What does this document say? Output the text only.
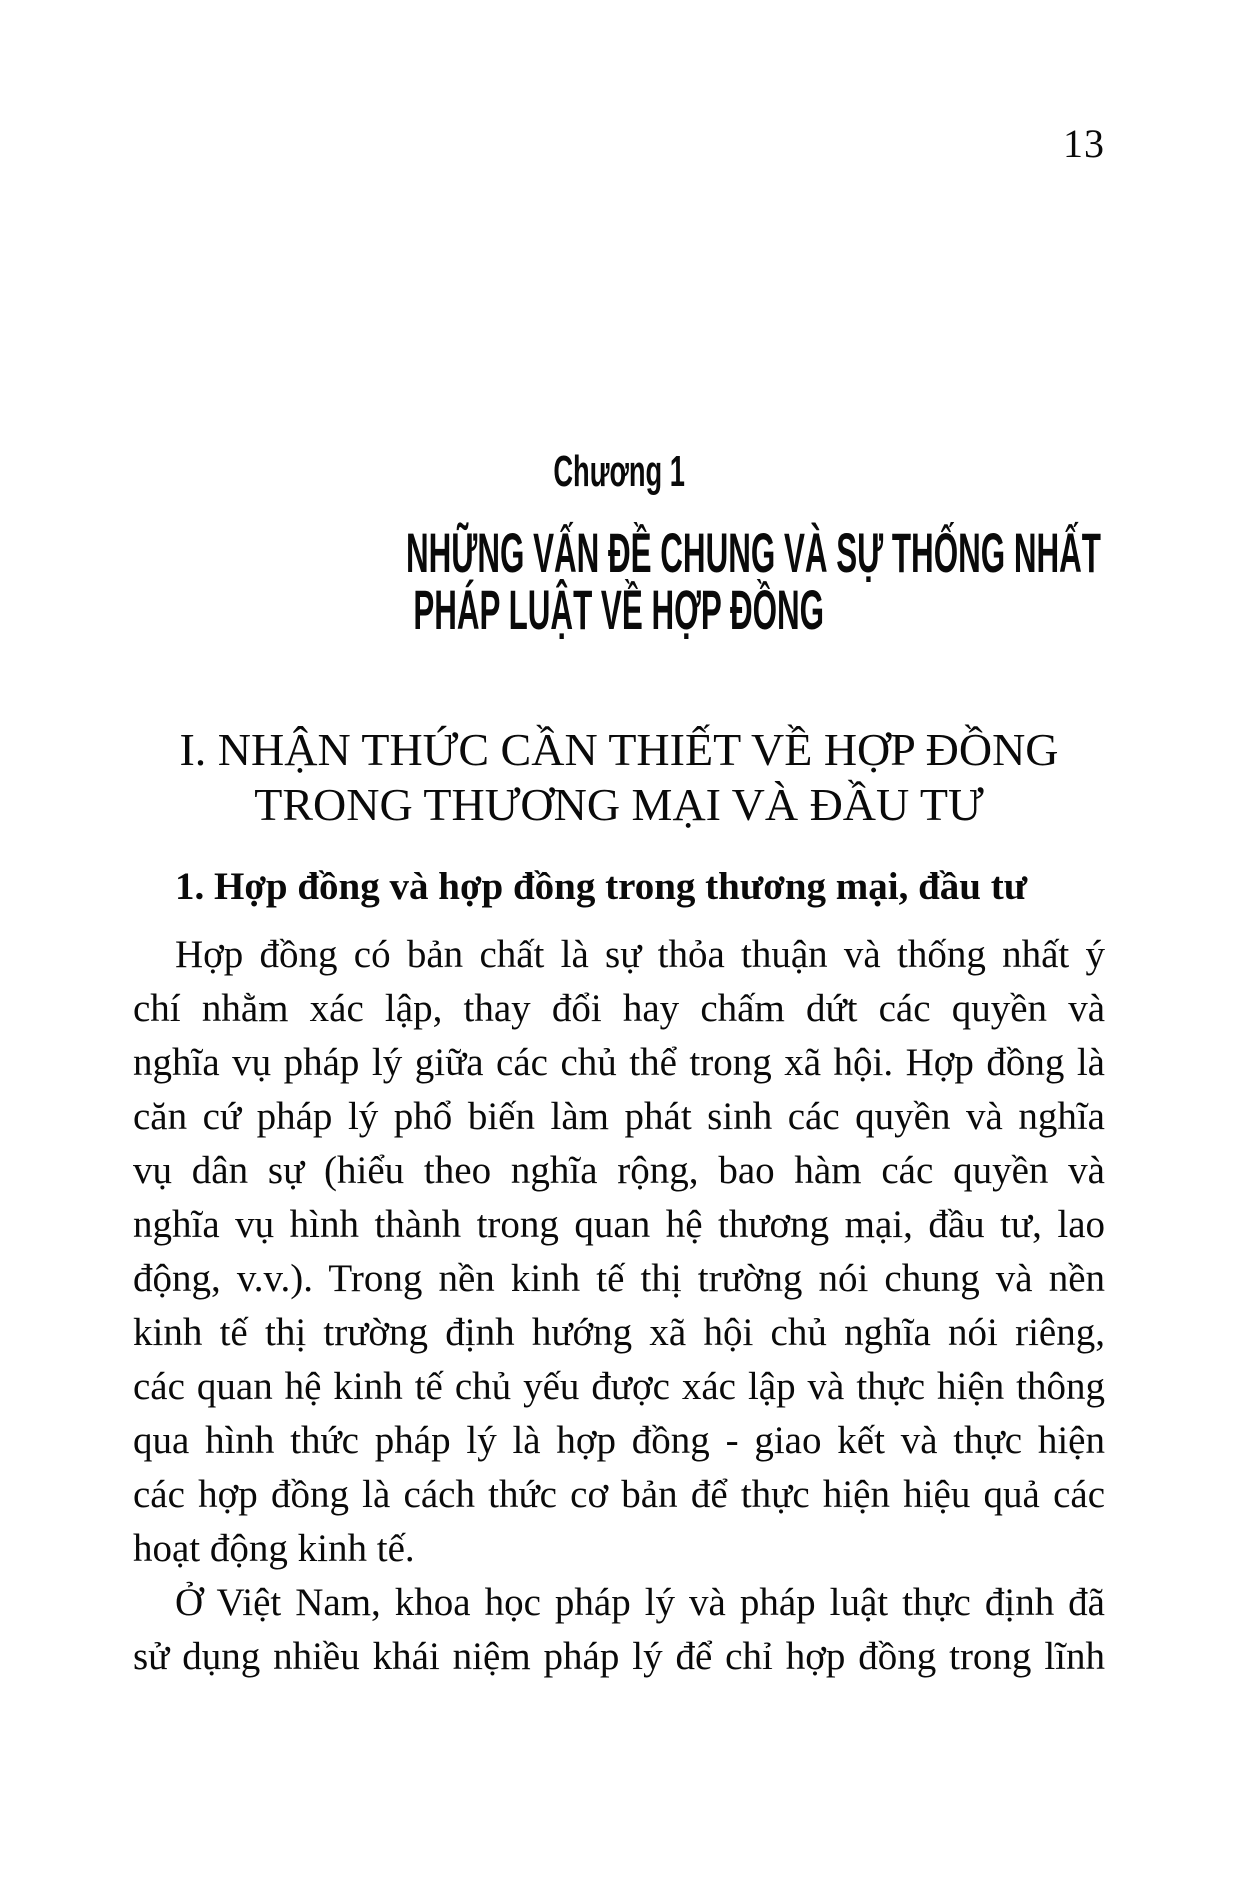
13
Chương 1
NHỮNG VẤN ĐỀ CHUNG VÀ SỰ THỐNG NHẤT
PHÁP LUẬT VỀ HỢP ĐỒNG
I. NHẬN THỨC CẦN THIẾT VỀ HỢP ĐỒNG
TRONG THƯƠNG MẠI VÀ ĐẦU TƯ
1. Hợp đồng và hợp đồng trong thương mại, đầu tư

Hợp đồng có bản chất là sự thỏa thuận và thống nhất ý

chí nhằm xác lập, thay đổi hay chấm dứt các quyền và

nghĩa vụ pháp lý giữa các chủ thể trong xã hội. Hợp đồng là

căn cứ pháp lý phổ biến làm phát sinh các quyền và nghĩa

vụ dân sự (hiểu theo nghĩa rộng, bao hàm các quyền và

nghĩa vụ hình thành trong quan hệ thương mại, đầu tư, lao

động, v.v.). Trong nền kinh tế thị trường nói chung và nền

kinh tế thị trường định hướng xã hội chủ nghĩa nói riêng,

các quan hệ kinh tế chủ yếu được xác lập và thực hiện thông

qua hình thức pháp lý là hợp đồng - giao kết và thực hiện

các hợp đồng là cách thức cơ bản để thực hiện hiệu quả các

hoạt động kinh tế.

Ở Việt Nam, khoa học pháp lý và pháp luật thực định đã

sử dụng nhiều khái niệm pháp lý để chỉ hợp đồng trong lĩnh
